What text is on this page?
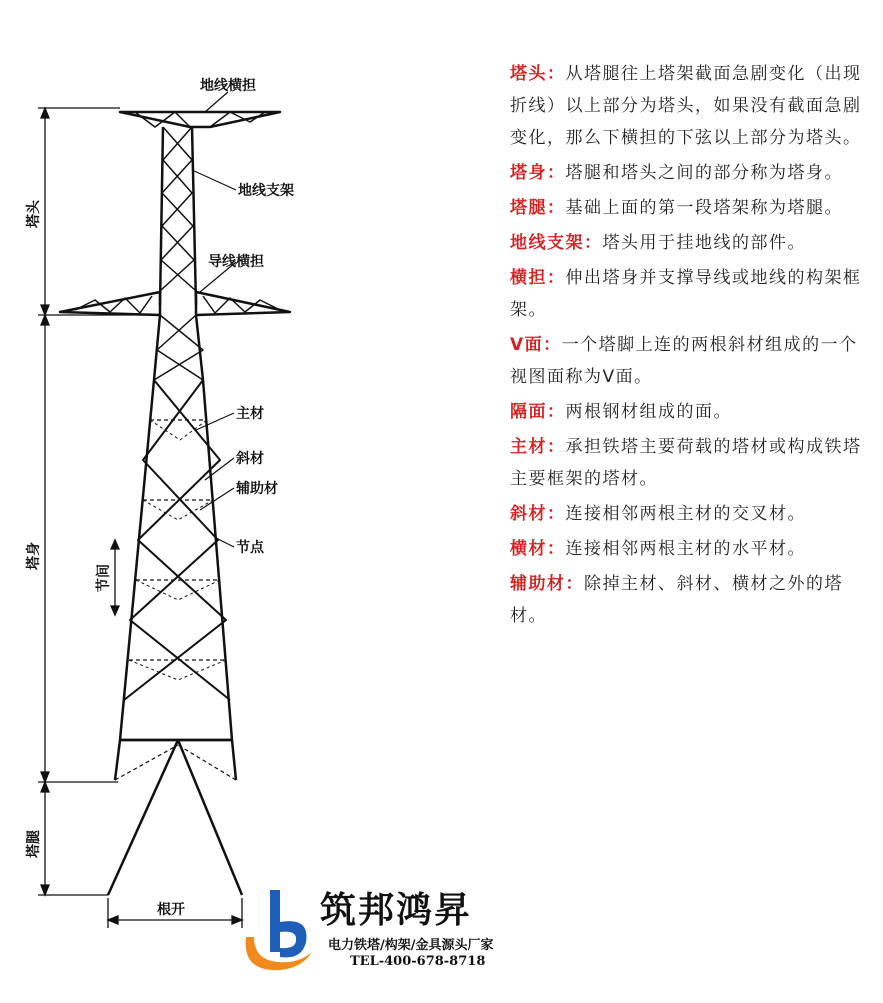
地线横担
地线支架
导线横担
主材
斜材
辅助材
节点
根开
塔头
塔身
塔腿
节间

塔头：从塔腿往上塔架截面急剧变化（出现折线）以上部分为塔头，如果没有截面急剧变化，那么下横担的下弦以上部分为塔头。

塔身：塔腿和塔头之间的部分称为塔身。

塔腿：基础上面的第一段塔架称为塔腿。

地线支架：塔头用于挂地线的部件。

横担：伸出塔身并支撑导线或地线的构架框架。

V面：一个塔脚上连的两根斜材组成的一个视图面称为V面。

隔面：两根钢材组成的面。

主材：承担铁塔主要荷载的塔材或构成铁塔主要框架的塔材。

斜材：连接相邻两根主材的交叉材。

横材：连接相邻两根主材的水平材。

辅助材：除掉主材、斜材、横材之外的塔材。

筑邦鸿昇
电力铁塔/构架/金具源头厂家
TEL-400-678-8718
